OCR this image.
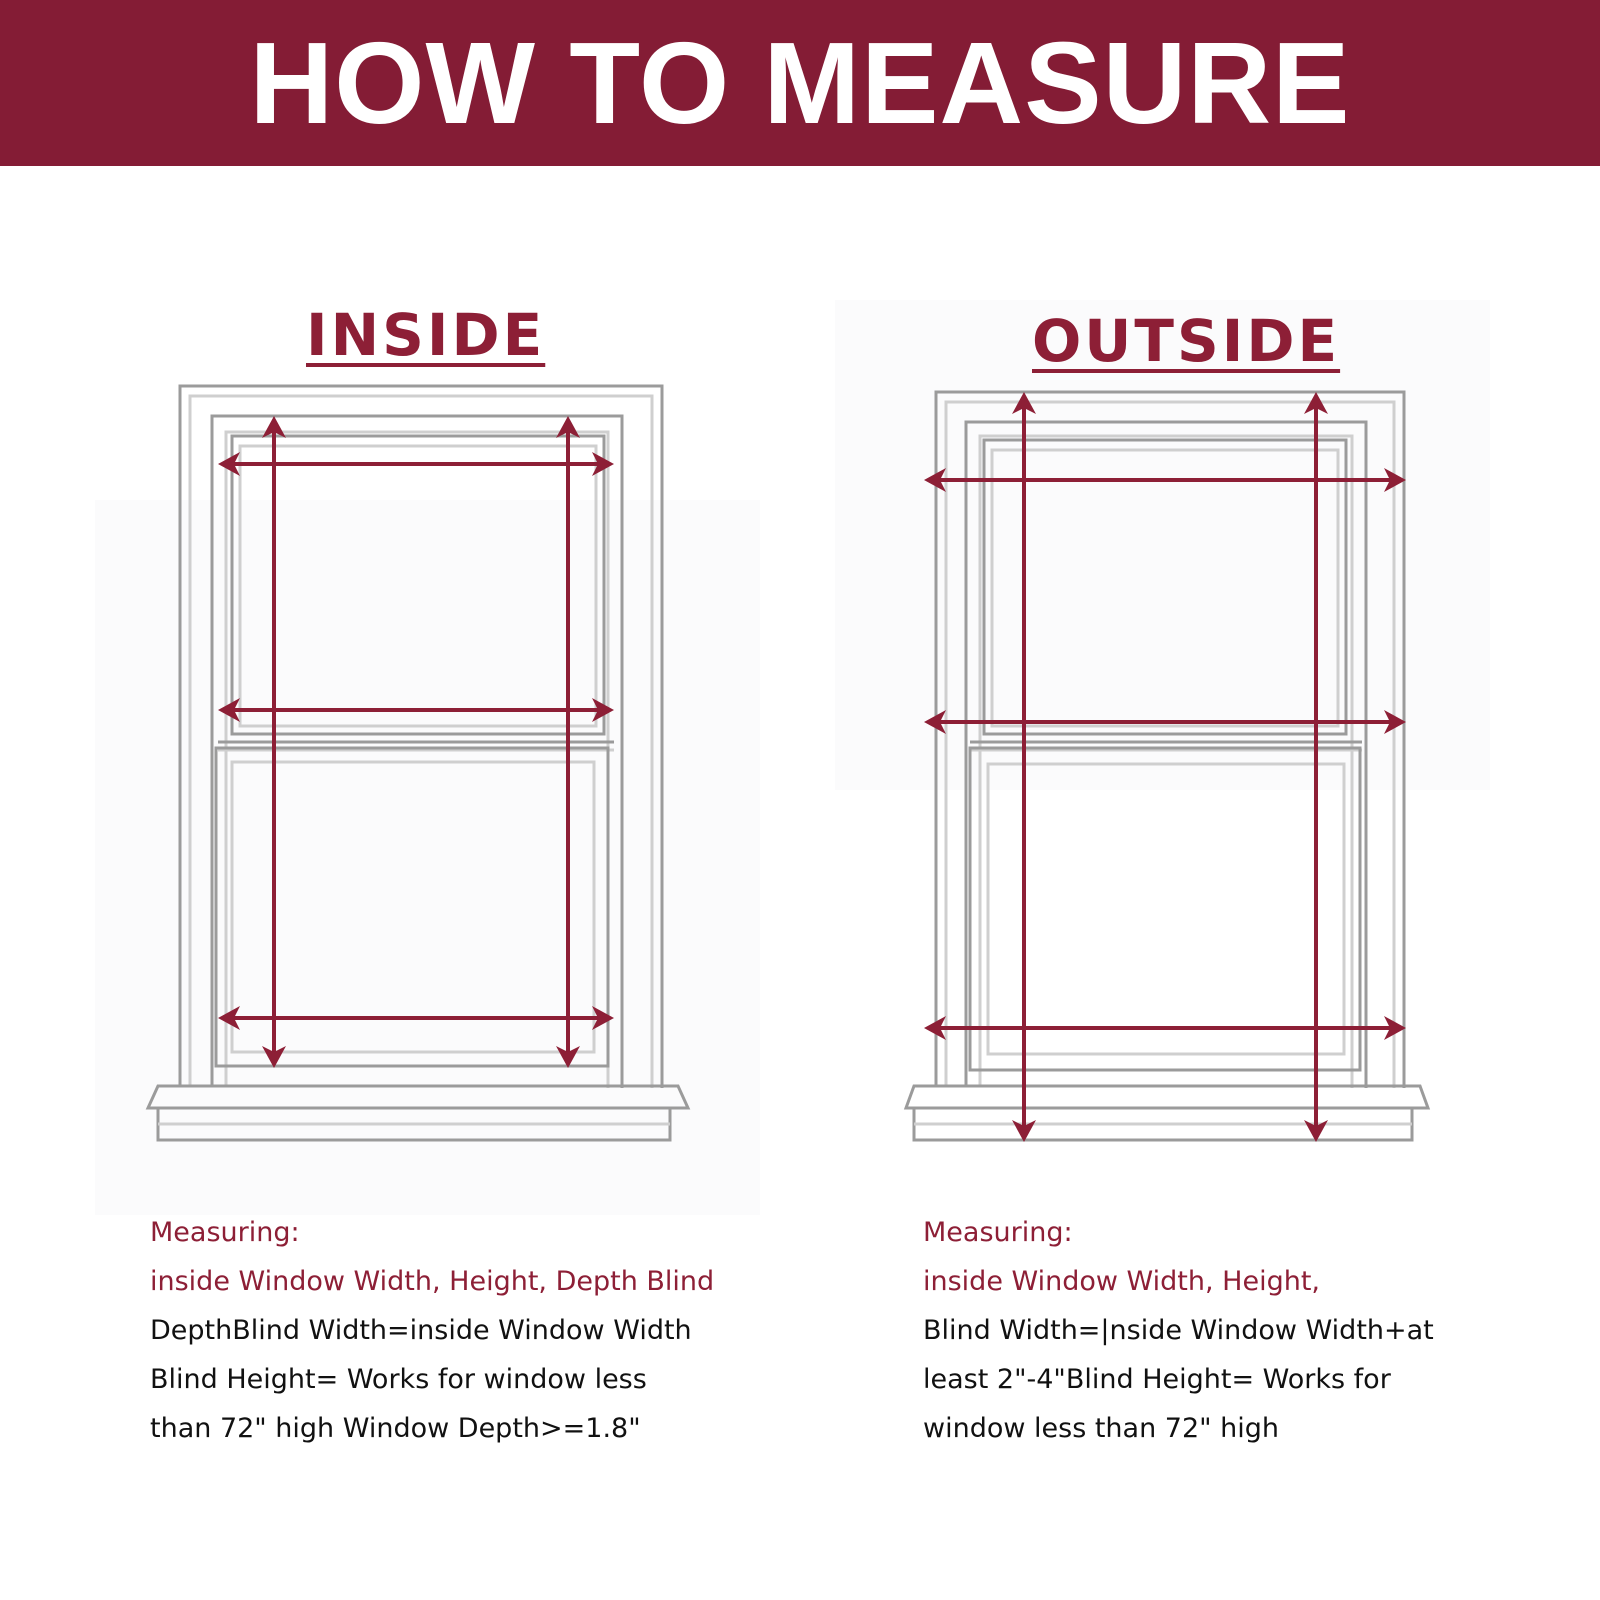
HOW TO MEASURE
INSIDE	OUTSIDE
Measuring:
inside Window Width, Height, Depth Blind
DepthBlind Width=inside Window Width
Blind Height= Works for window less
than 72" high Window Depth>=1.8"
Measuring:
inside Window Width, Height,
Blind Width=|nside Window Width+at
least 2"-4"Blind Height= Works for
window less than 72" high
